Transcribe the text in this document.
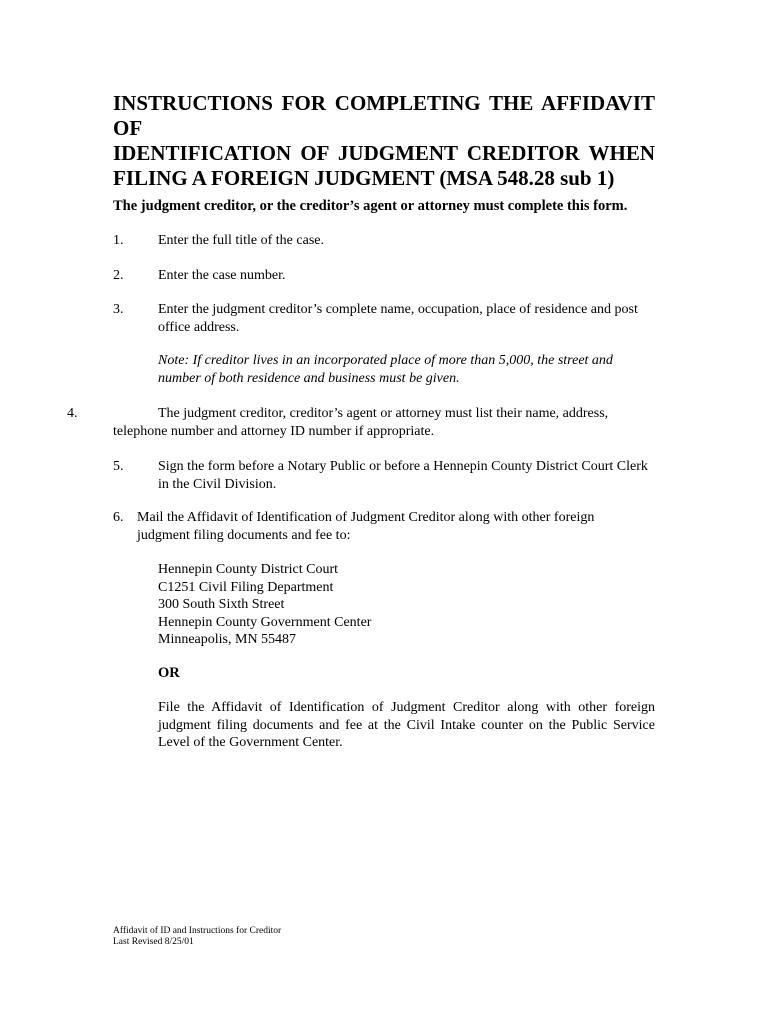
INSTRUCTIONS FOR COMPLETING THE AFFIDAVIT OF
IDENTIFICATION OF JUDGMENT CREDITOR WHEN
FILING A FOREIGN JUDGMENT (MSA 548.28 sub 1)

The judgment creditor, or the creditor’s agent or attorney must complete this form.

1. Enter the full title of the case.
2. Enter the case number.
3. Enter the judgment creditor’s complete name, occupation, place of residence and post office address.
Note: If creditor lives in an incorporated place of more than 5,000, the street and number of both residence and business must be given.
4.	The judgment creditor, creditor’s agent or attorney must list their name, address, telephone number and attorney ID number if appropriate.
5. Sign the form before a Notary Public or before a Hennepin County District Court Clerk in the Civil Division.
6. Mail the Affidavit of Identification of Judgment Creditor along with other foreign judgment filing documents and fee to:
Hennepin County District Court
C1251 Civil Filing Department
300 South Sixth Street
Hennepin County Government Center
Minneapolis, MN 55487
OR

File the Affidavit of Identification of Judgment Creditor along with other foreign judgment filing documents and fee at the Civil Intake counter on the Public Service Level of the Government Center.

Affidavit of ID and Instructions for Creditor
Last Revised 8/25/01
